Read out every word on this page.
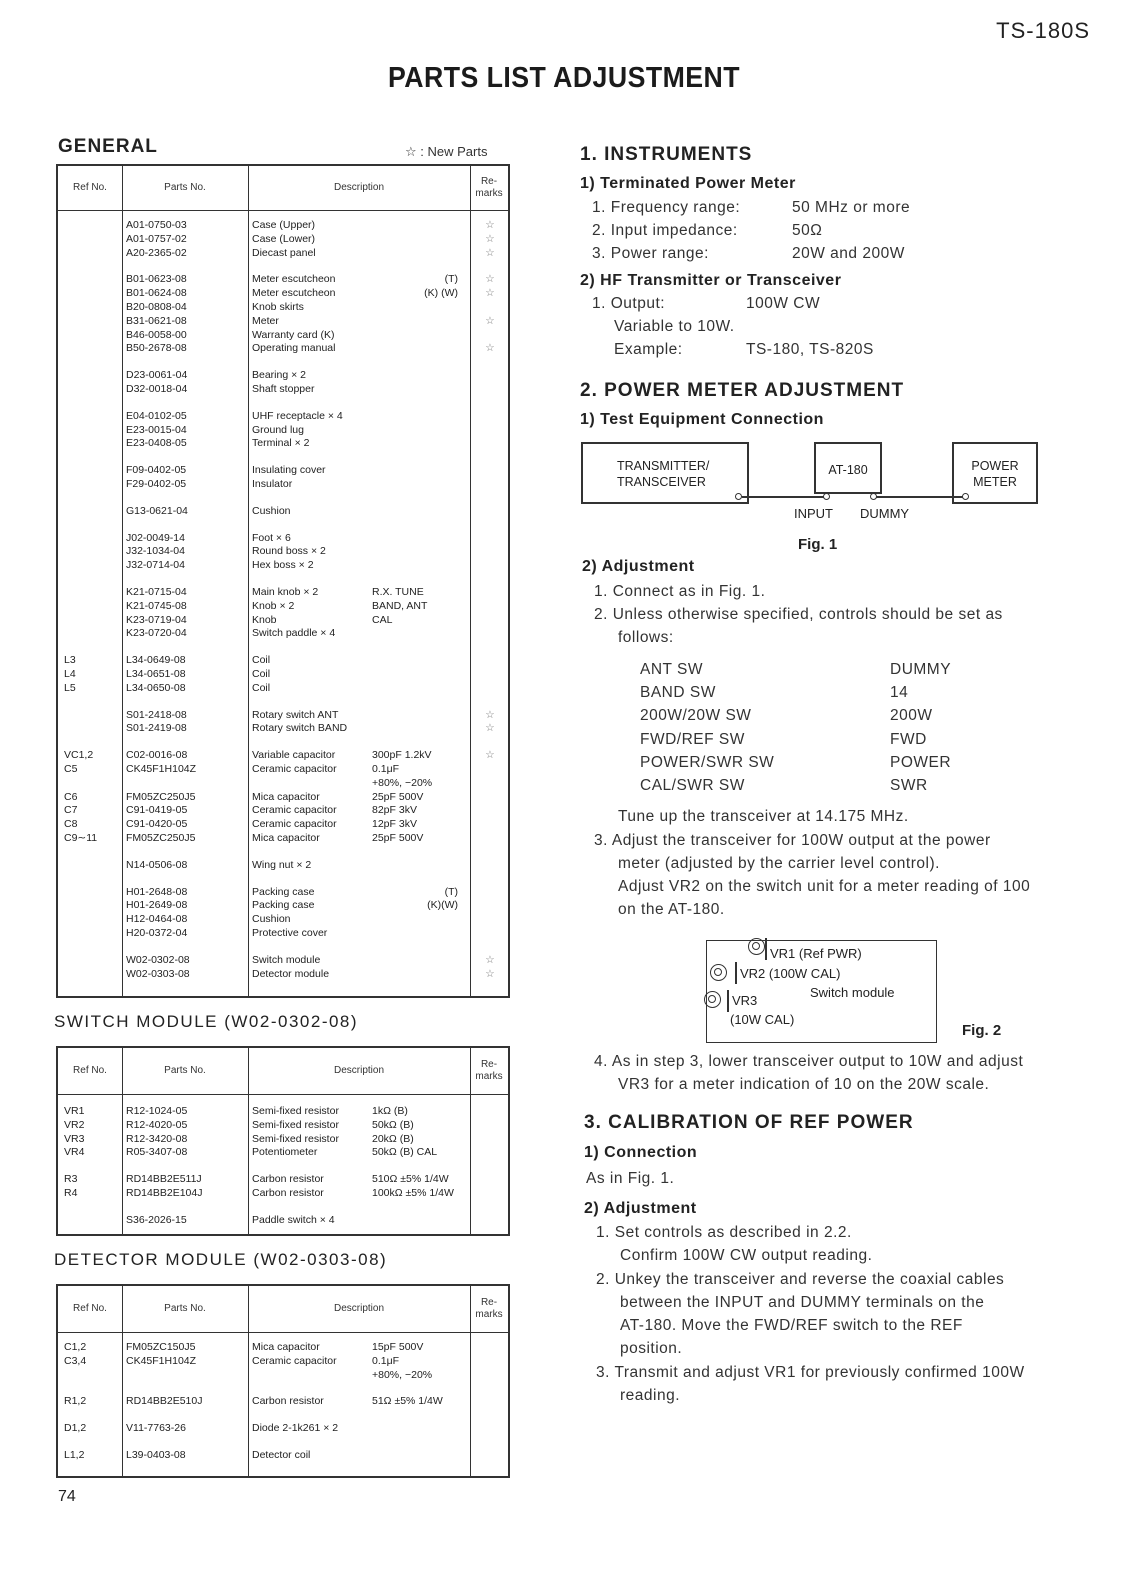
TS-180S
PARTS LIST ADJUSTMENT
GENERAL	☆ : New Parts
Ref No.	Parts No.	Description
Re- marks
A01-0750-03	Case (Upper)	☆
A01-0757-02	Case (Lower)	☆
A20-2365-02	Diecast panel	☆
B01-0623-08	Meter escutcheon	(T)	☆
B01-0624-08	Meter escutcheon	(K) (W)	☆
B20-0808-04	Knob skirts
B31-0621-08	Meter	☆
B46-0058-00	Warranty card (K)
B50-2678-08	Operating manual	☆
D23-0061-04	Bearing × 2
D32-0018-04	Shaft stopper
E04-0102-05	UHF receptacle × 4
E23-0015-04	Ground lug
E23-0408-05	Terminal × 2
F09-0402-05	Insulating cover
F29-0402-05	Insulator
G13-0621-04	Cushion
J02-0049-14	Foot × 6
J32-1034-04	Round boss × 2
J32-0714-04	Hex boss × 2
K21-0715-04	Main knob × 2	R.X. TUNE
K21-0745-08	Knob × 2	BAND, ANT
K23-0719-04	Knob	CAL
K23-0720-04	Switch paddle × 4
L3	L34-0649-08	Coil
L4	L34-0651-08	Coil
L5	L34-0650-08	Coil
S01-2418-08	Rotary switch ANT	☆
S01-2419-08	Rotary switch BAND	☆
VC1,2	C02-0016-08	Variable capacitor	300pF 1.2kV	☆
C5	CK45F1H104Z	Ceramic capacitor	0.1μF
+80%, −20%
C6	FM05ZC250J5	Mica capacitor	25pF 500V
C7	C91-0419-05	Ceramic capacitor	82pF 3kV
C8	C91-0420-05	Ceramic capacitor	12pF 3kV
C9∼11	FM05ZC250J5	Mica capacitor	25pF 500V
N14-0506-08	Wing nut × 2
H01-2648-08	Packing case	(T)
H01-2649-08	Packing case	(K)(W)
H12-0464-08	Cushion
H20-0372-04	Protective cover
W02-0302-08	Switch module	☆
W02-0303-08	Detector module	☆
SWITCH MODULE (W02-0302-08)
Ref No.	Parts No.	Description
Re- marks
VR1	R12-1024-05	Semi-fixed resistor	1kΩ (B)
VR2	R12-4020-05	Semi-fixed resistor	50kΩ (B)
VR3	R12-3420-08	Semi-fixed resistor	20kΩ (B)
VR4	R05-3407-08	Potentiometer	50kΩ (B) CAL
R3	RD14BB2E511J	Carbon resistor	510Ω ±5% 1/4W
R4	RD14BB2E104J	Carbon resistor	100kΩ ±5% 1/4W
S36-2026-15	Paddle switch × 4
DETECTOR MODULE (W02-0303-08)
Ref No.	Parts No.	Description
Re- marks
C1,2	FM05ZC150J5	Mica capacitor	15pF 500V
C3,4	CK45F1H104Z	Ceramic capacitor	0.1μF
+80%, −20%
R1,2	RD14BB2E510J	Carbon resistor	51Ω ±5% 1/4W
D1,2	V11-7763-26	Diode 2-1k261 × 2
L1,2	L39-0403-08	Detector coil
74
1. INSTRUMENTS
1) Terminated Power Meter
1. Frequency range:	50 MHz or more
2. Input impedance:	50Ω
3. Power range:	20W and 200W
2) HF Transmitter or Transceiver
1. Output:	100W CW
Variable to 10W.
Example:	TS-180, TS-820S
2. POWER METER ADJUSTMENT
1) Test Equipment Connection
TRANSMITTER/ TRANSCEIVER
AT-180	POWER METER
INPUT DUMMY
Fig. 1
2) Adjustment
1. Connect as in Fig. 1.
2. Unless otherwise specified, controls should be set as
follows:
ANT SW	DUMMY
BAND SW	14
200W/20W SW	200W
FWD/REF SW	FWD
POWER/SWR SW	POWER
CAL/SWR SW	SWR
Tune up the transceiver at 14.175 MHz.
3. Adjust the transceiver for 100W output at the power
meter (adjusted by the carrier level control).
Adjust VR2 on the switch unit for a meter reading of 100
on the AT-180.
VR1 (Ref PWR)
VR2 (100W CAL)
Switch module
VR3
(10W CAL)
Fig. 2
4. As in step 3, lower transceiver output to 10W and adjust
VR3 for a meter indication of 10 on the 20W scale.
3. CALIBRATION OF REF POWER
1) Connection
As in Fig. 1.
2) Adjustment
1. Set controls as described in 2.2.
Confirm 100W CW output reading.
2. Unkey the transceiver and reverse the coaxial cables
between the INPUT and DUMMY terminals on the
AT-180. Move the FWD/REF switch to the REF
position.
3. Transmit and adjust VR1 for previously confirmed 100W
reading.
